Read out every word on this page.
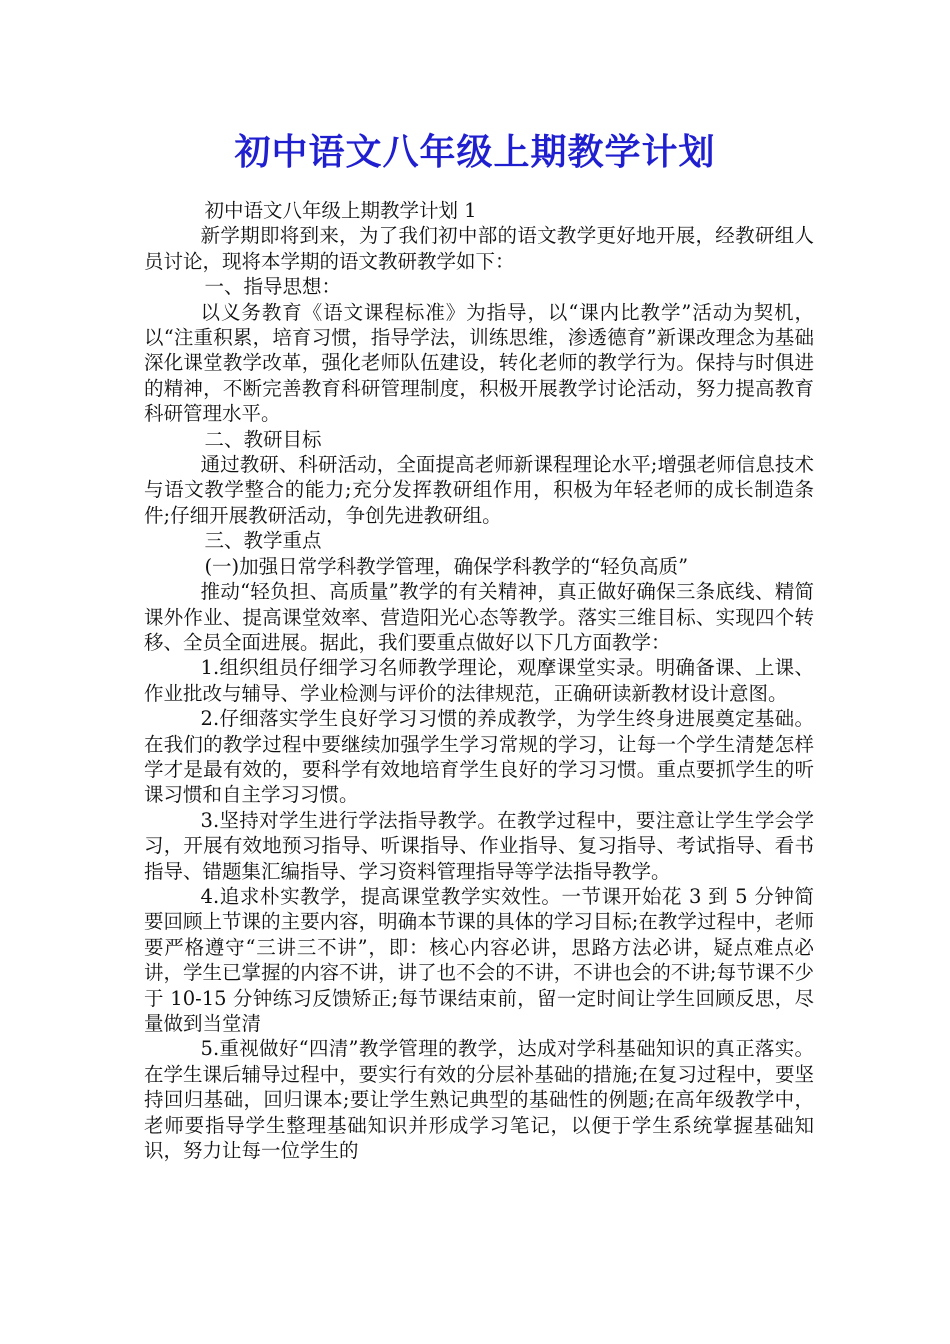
初中语文八年级上期教学计划

初中语文八年级上期教学计划 1

新学期即将到来，为了我们初中部的语文教学更好地开展，经教研组人员讨论，现将本学期的语文教研教学如下：

一、指导思想：

以义务教育《语文课程标准》为指导，以“课内比教学”活动为契机，以“注重积累，培育习惯，指导学法，训练思维，渗透德育”新课改理念为基础深化课堂教学改革，强化老师队伍建设，转化老师的教学行为。保持与时俱进的精神，不断完善教育科研管理制度，积极开展教学讨论活动，努力提高教育科研管理水平。

二、教研目标

通过教研、科研活动，全面提高老师新课程理论水平;增强老师信息技术与语文教学整合的能力;充分发挥教研组作用，积极为年轻老师的成长制造条件;仔细开展教研活动，争创先进教研组。

三、教学重点

(一)加强日常学科教学管理，确保学科教学的“轻负高质”

推动“轻负担、高质量”教学的有关精神，真正做好确保三条底线、精简课外作业、提高课堂效率、营造阳光心态等教学。落实三维目标、实现四个转移、全员全面进展。据此，我们要重点做好以下几方面教学：

1.组织组员仔细学习名师教学理论，观摩课堂实录。明确备课、上课、作业批改与辅导、学业检测与评价的法律规范，正确研读新教材设计意图。

2.仔细落实学生良好学习习惯的养成教学，为学生终身进展奠定基础。在我们的教学过程中要继续加强学生学习常规的学习，让每一个学生清楚怎样学才是最有效的，要科学有效地培育学生良好的学习习惯。重点要抓学生的听课习惯和自主学习习惯。

3.坚持对学生进行学法指导教学。在教学过程中，要注意让学生学会学习，开展有效地预习指导、听课指导、作业指导、复习指导、考试指导、看书指导、错题集汇编指导、学习资料管理指导等学法指导教学。

4.追求朴实教学，提高课堂教学实效性。一节课开始花 3 到 5 分钟简要回顾上节课的主要内容，明确本节课的具体的学习目标;在教学过程中，老师要严格遵守“三讲三不讲”，即：核心内容必讲，思路方法必讲，疑点难点必讲，学生已掌握的内容不讲，讲了也不会的不讲，不讲也会的不讲;每节课不少于 10-15 分钟练习反馈矫正;每节课结束前，留一定时间让学生回顾反思，尽量做到当堂清

5.重视做好“四清”教学管理的教学，达成对学科基础知识的真正落实。在学生课后辅导过程中，要实行有效的分层补基础的措施;在复习过程中，要坚持回归基础，回归课本;要让学生熟记典型的基础性的例题;在高年级教学中，老师要指导学生整理基础知识并形成学习笔记，以便于学生系统掌握基础知识，努力让每一位学生的
